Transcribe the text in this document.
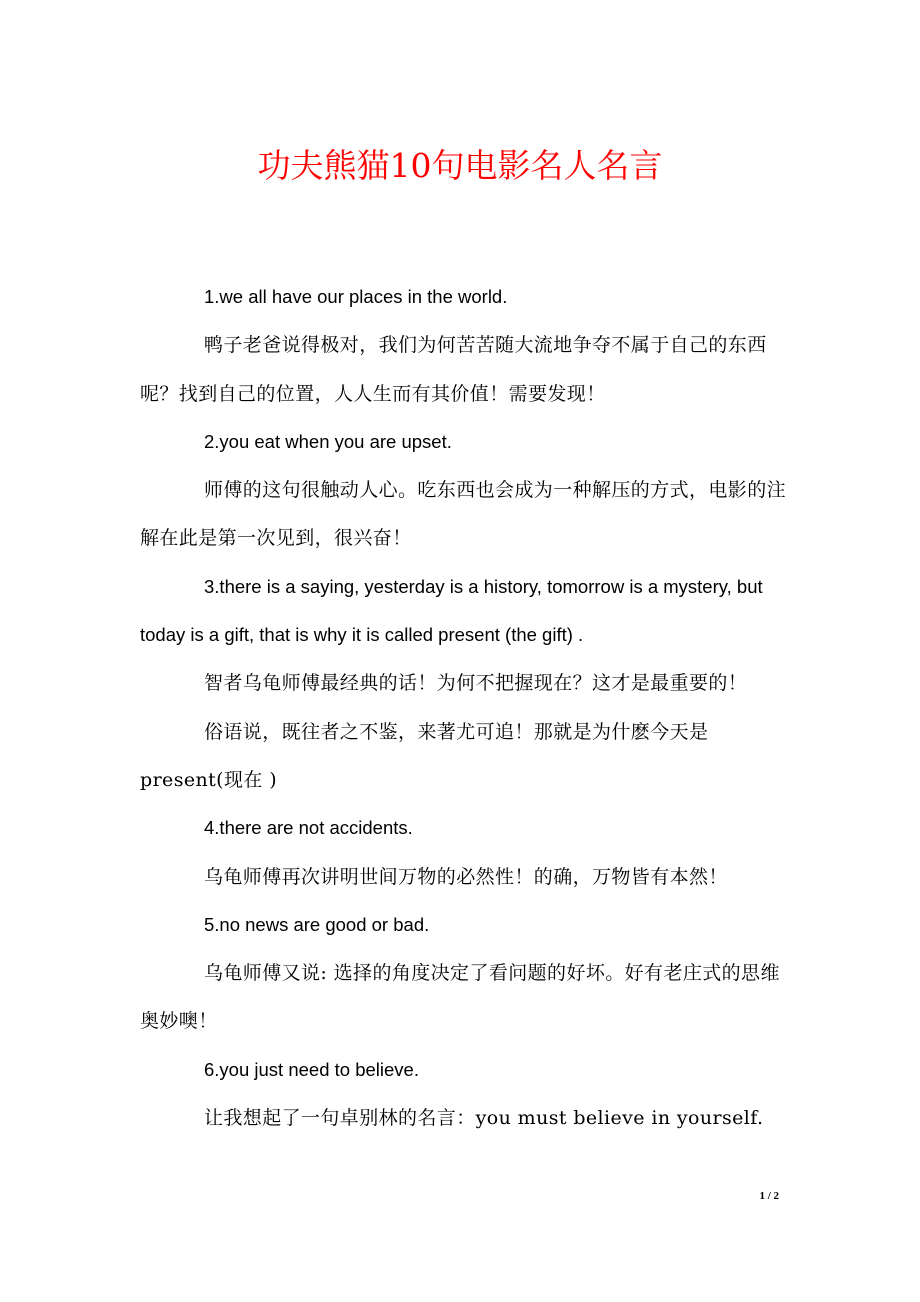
功夫熊猫10句电影名人名言

1.we all have our places in the world.

鸭子老爸说得极对，我们为何苦苦随大流地争夺不属于自己的东西呢？找到自己的位置，人人生而有其价值！需要发现！

2.you eat when you are upset.

师傅的这句很触动人心。吃东西也会成为一种解压的方式，电影的注解在此是第一次见到，很兴奋！

3.there is a saying, yesterday is a history, tomorrow is a mystery, but today is a gift, that is why it is called present (the gift) .

智者乌龟师傅最经典的话！为何不把握现在？这才是最重要的！

俗语说，既往者之不鉴，来著尤可追！那就是为什麽今天是present(现在 )

4.there are not accidents.

乌龟师傅再次讲明世间万物的必然性！的确，万物皆有本然！

5.no news are good or bad.

乌龟师傅又说: 选择的角度决定了看问题的好坏。好有老庄式的思维奥妙噢！

6.you just need to believe.

让我想起了一句卓别林的名言：you must believe in yourself.

1 / 2
